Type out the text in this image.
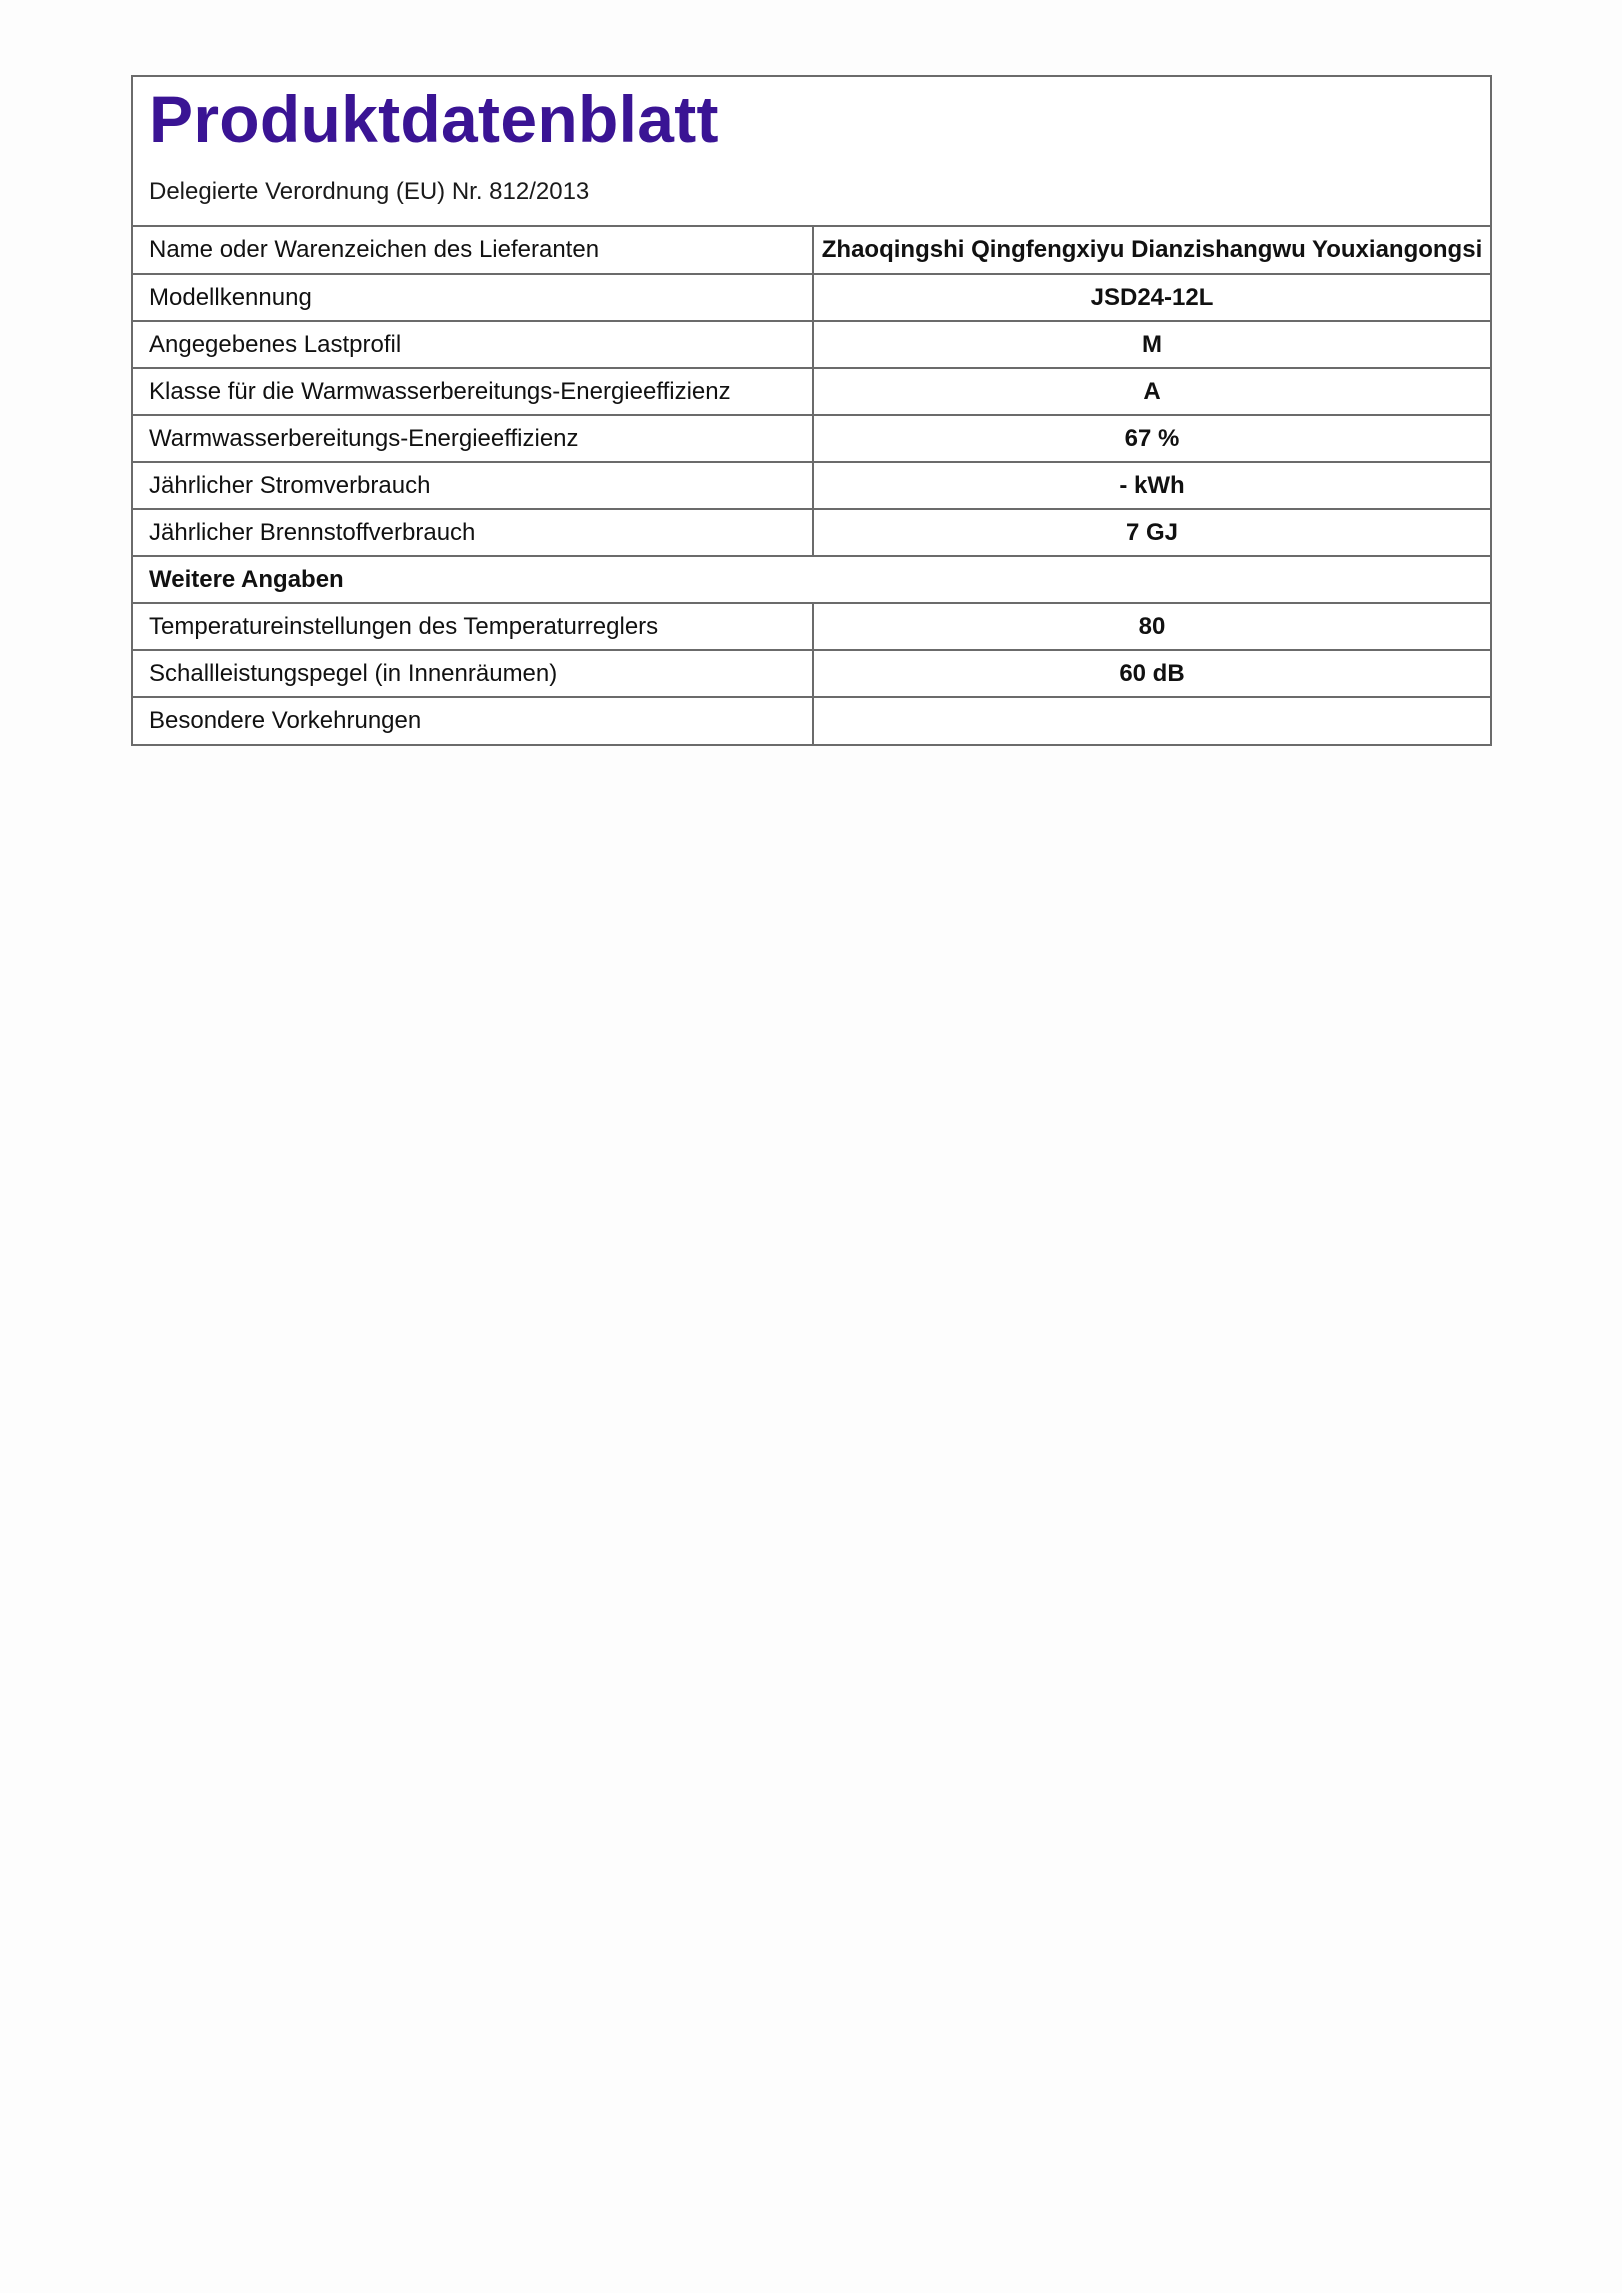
Produktdatenblatt
Delegierte Verordnung (EU) Nr. 812/2013
Name oder Warenzeichen des Lieferanten	Zhaoqingshi Qingfengxiyu Dianzishangwu Youxiangongsi
Modellkennung	JSD24-12L
Angegebenes Lastprofil	M
Klasse für die Warmwasserbereitungs-Energieeffizienz	A
Warmwasserbereitungs-Energieeffizienz	67 %
Jährlicher Stromverbrauch	- kWh
Jährlicher Brennstoffverbrauch	7 GJ
Weitere Angaben	
Temperatureinstellungen des Temperaturreglers	80
Schallleistungspegel (in Innenräumen)	60 dB
Besondere Vorkehrungen	
